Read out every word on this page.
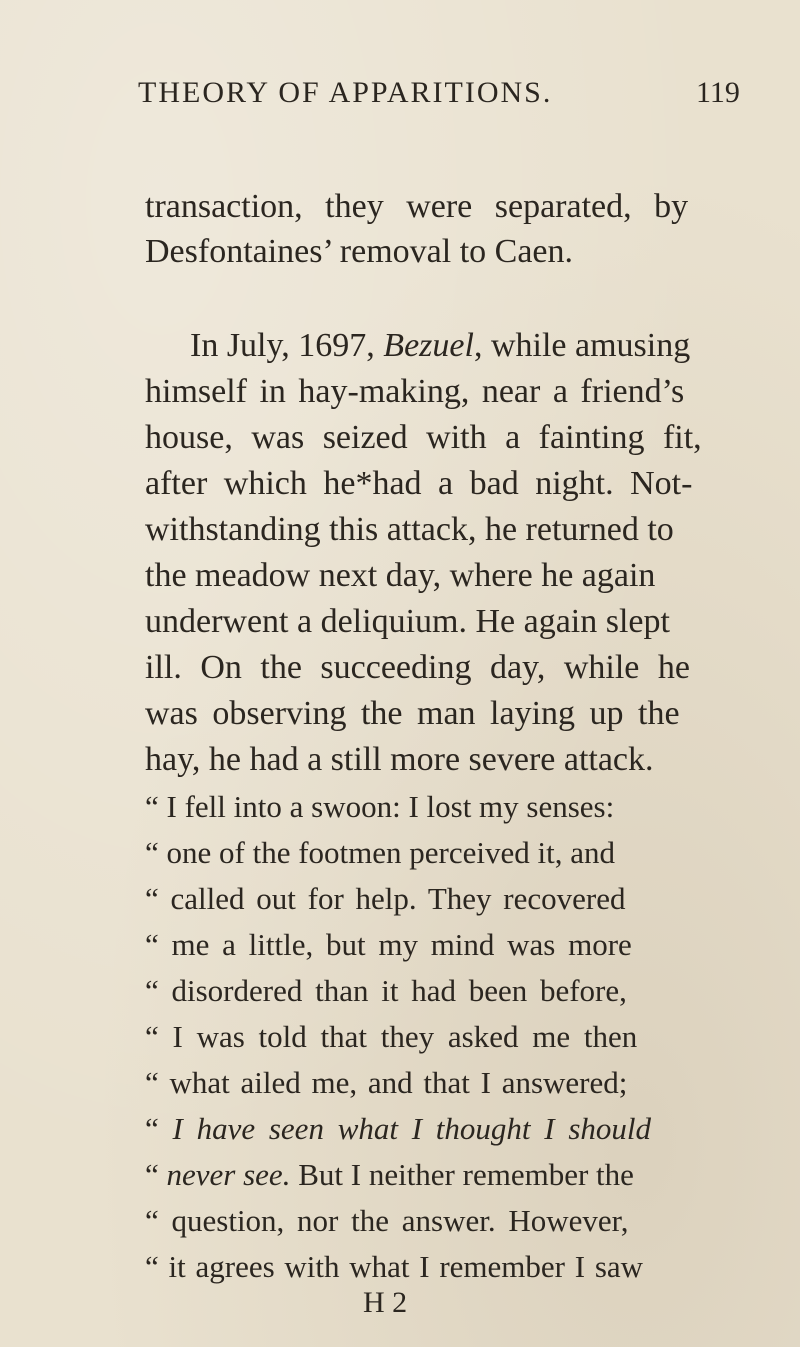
THEORY OF APPARITIONS.	119
transaction, they were separated, by
Desfontaines’ removal to Caen.
In July, 1697, Bezuel, while amusing
himself in hay-making, near a friend’s
house, was seized with a fainting fit,
after which he*had a bad night. Not-
withstanding this attack, he returned to
the meadow next day, where he again
underwent a deliquium. He again slept
ill. On the succeeding day, while he
was observing the man laying up the
hay, he had a still more severe attack.
“ I fell into a swoon: I lost my senses:
“ one of the footmen perceived it, and
“ called out for help. They recovered
“ me a little, but my mind was more
“ disordered than it had been before,
“ I was told that they asked me then
“ what ailed me, and that I answered;
“ I have seen what I thought I should
“ never see. But I neither remember the
“ question, nor the answer. However,
“ it agrees with what I remember I saw
H 2
